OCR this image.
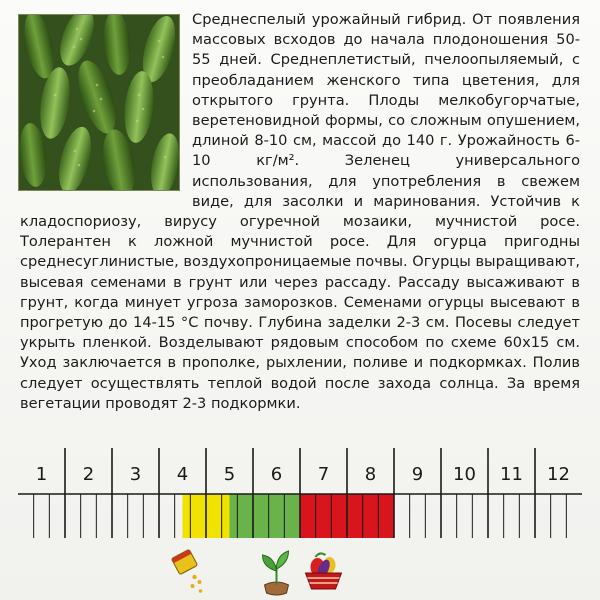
Среднеспелый урожайный гибрид. От появления массовых всходов до начала плодоношения 50-55 дней. Среднеплетистый, пчелоопыляемый, с преобладанием женского типа цветения, для открытого грунта. Плоды мелкобугорчатые, веретеновидной формы, со сложным опушением, длиной 8-10 см, массой до 140 г. Урожайность 6-10 кг/м². Зеленец универсального использования, для употребления в свежем виде, для засолки и маринования. Устойчив к кладоспориозу, вирусу огуречной мозаики, мучнистой росе. Толерантен к ложной мучнистой росе. Для огурца пригодны среднесуглинистые, воздухопроницаемые почвы. Огурцы выращивают, высевая семенами в грунт или через рассаду. Рассаду высаживают в грунт, когда минует угроза заморозков. Семенами огурцы высевают в прогретую до 14-15 °С почву. Глубина заделки 2-3 см. Посевы следует укрыть пленкой. Возделывают рядовым способом по схеме 60х15 см. Уход заключается в прополке, рыхлении, поливе и подкормках. Полив следует осуществлять теплой водой после захода солнца. За время вегетации проводят 2-3 подкормки.

1 2 3 4 5 6 7 8 9 10 11 12
